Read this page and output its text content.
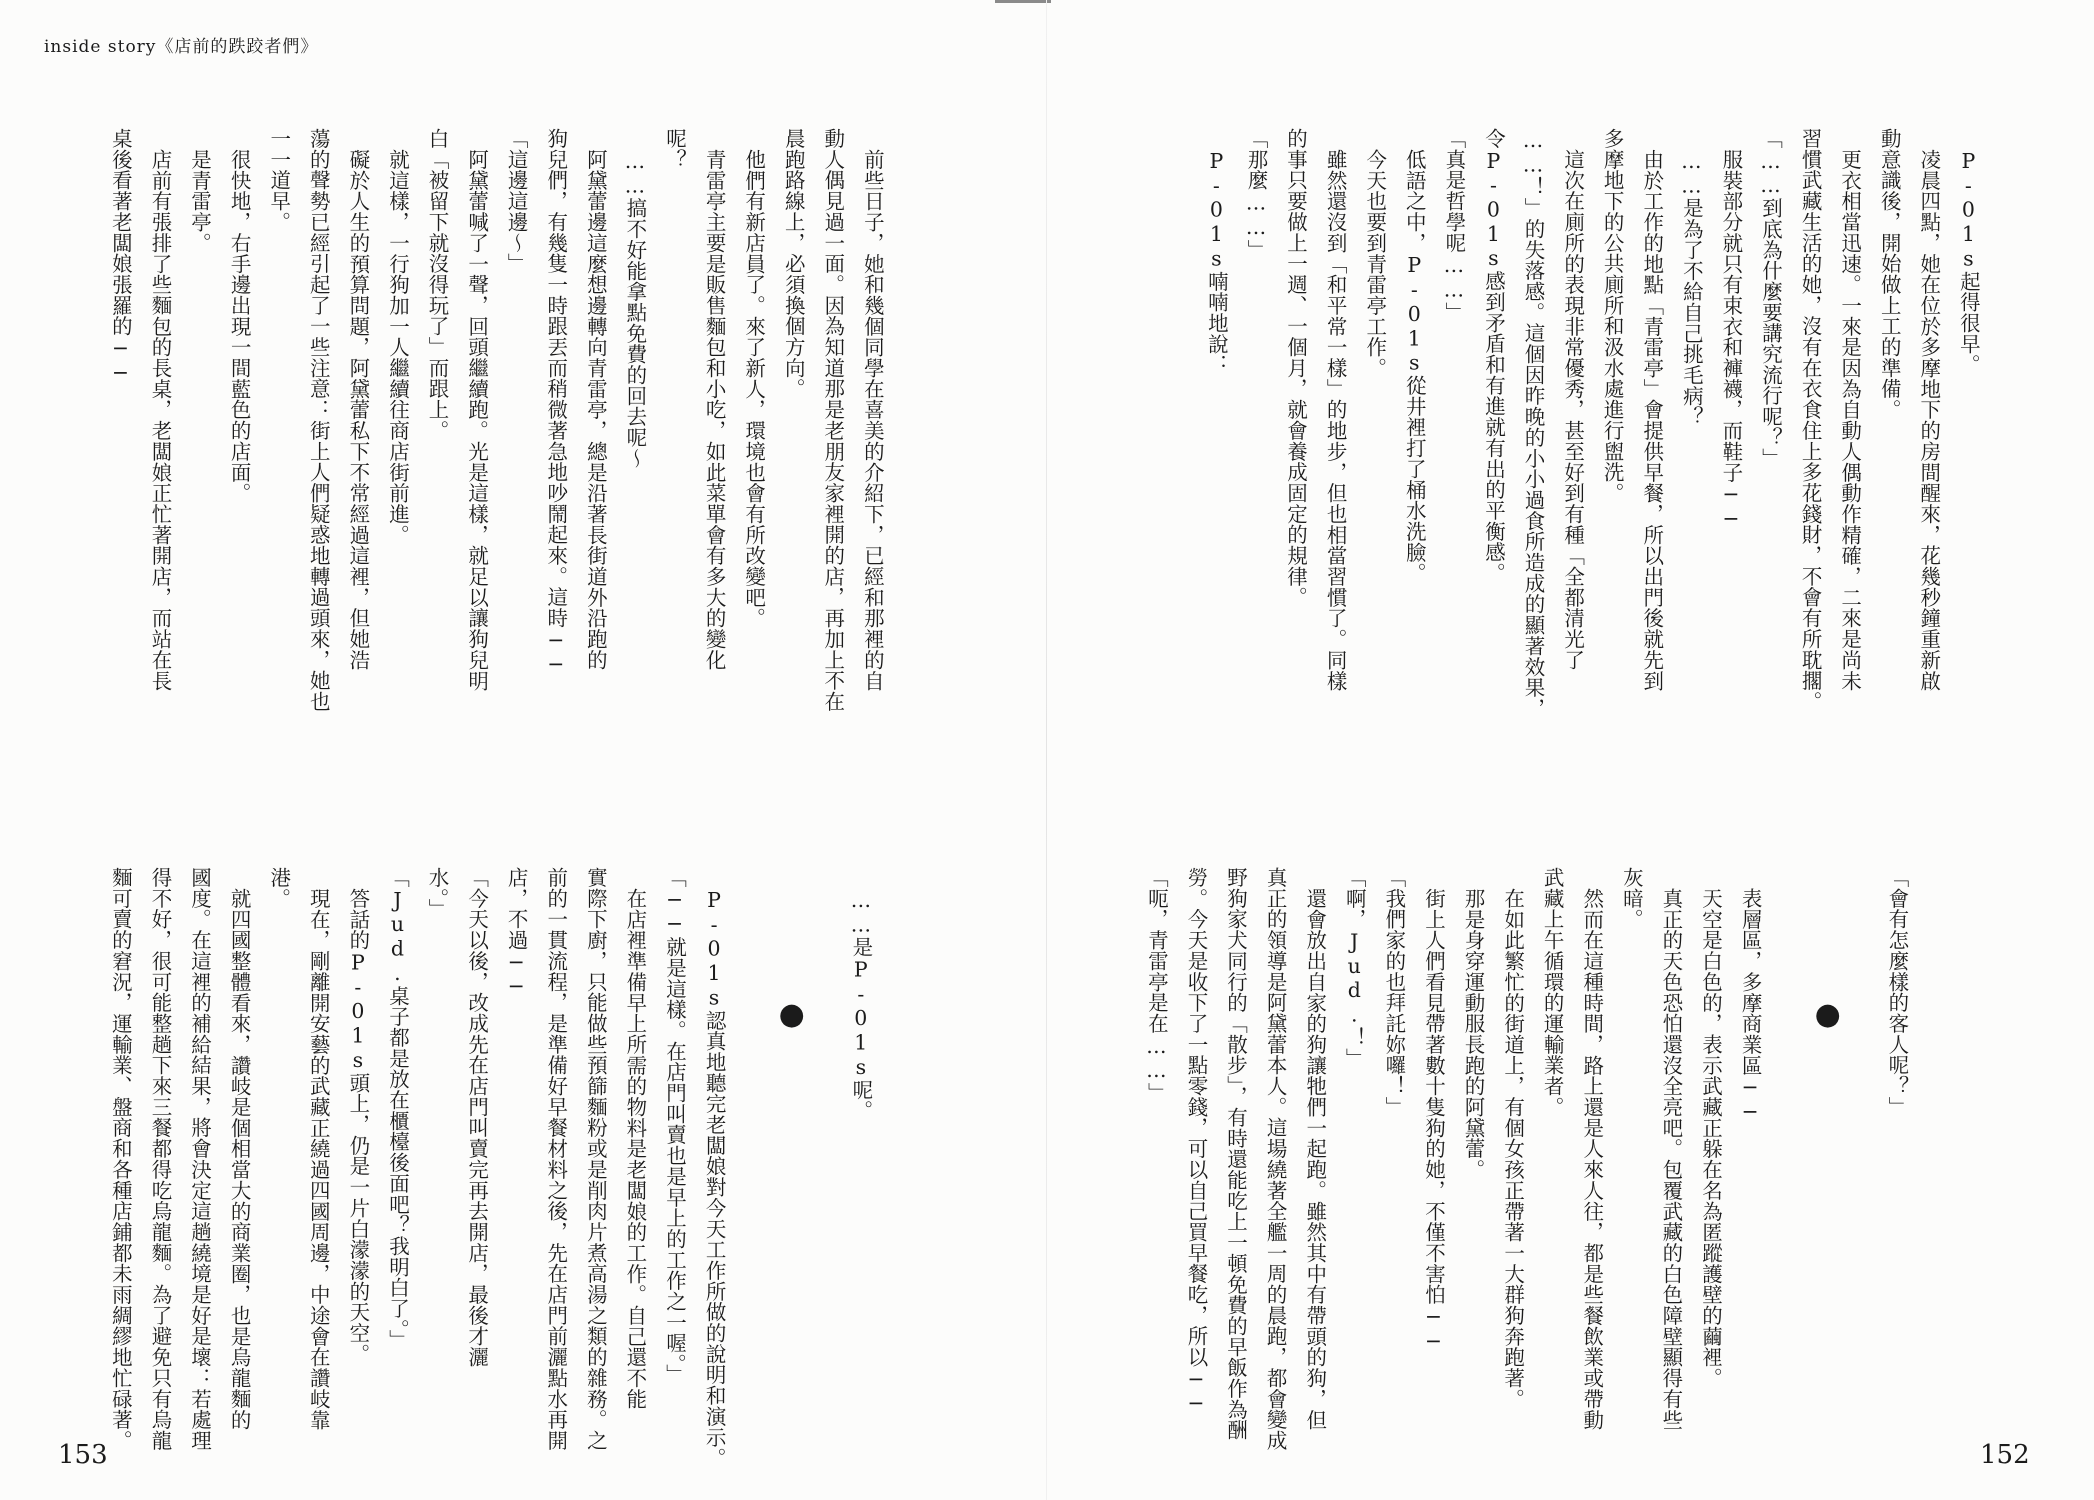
inside story《店前的跌跤者們》
P-01s起得很早。
凌晨四點，她在位於多摩地下的房間醒來，花幾秒鐘重新啟
動意識後，開始做上工的準備。
更衣相當迅速。一來是因為自動人偶動作精確，二來是尚未
習慣武藏生活的她，沒有在衣食住上多花錢財，不會有所耽擱。
「……到底為什麼要講究流行呢？」
服裝部分就只有束衣和褲襪，而鞋子──
……是為了不給自己挑毛病？
由於工作的地點「青雷亭」會提供早餐，所以出門後就先到
多摩地下的公共廁所和汲水處進行盥洗。
這次在廁所的表現非常優秀，甚至好到有種「全都清光了
……！」的失落感。這個因昨晚的小小過食所造成的顯著效果，
令P-01s感到矛盾和有進就有出的平衡感。
「真是哲學呢……」
低語之中，P-01s從井裡打了桶水洗臉。
今天也要到青雷亭工作。
雖然還沒到「和平常一樣」的地步，但也相當習慣了。同樣
的事只要做上一週、一個月，就會養成固定的規律。
「那麼……」
P-01s喃喃地說：
「會有怎麼樣的客人呢？」
●
表層區，多摩商業區──
天空是白色的，表示武藏正躲在名為匿蹤護壁的繭裡。
真正的天色恐怕還沒全亮吧。包覆武藏的白色障壁顯得有些
灰暗。
然而在這種時間，路上還是人來人往，都是些餐飲業或帶動
武藏上午循環的運輸業者。
在如此繁忙的街道上，有個女孩正帶著一大群狗奔跑著。
那是身穿運動服長跑的阿黛蕾。
街上人們看見帶著數十隻狗的她，不僅不害怕──
「我們家的也拜託妳囉！」
「啊，Jud.！」
還會放出自家的狗讓牠們一起跑。雖然其中有帶頭的狗，但
真正的領導是阿黛蕾本人。這場繞著全艦一周的晨跑，都會變成
野狗家犬同行的「散步」，有時還能吃上一頓免費的早飯作為酬
勞。今天是收下了一點零錢，可以自己買早餐吃，所以──
「呃，青雷亭是在……」
前些日子，她和幾個同學在喜美的介紹下，已經和那裡的自
動人偶見過一面。因為知道那是老朋友家裡開的店，再加上不在
晨跑路線上，必須換個方向。
他們有新店員了。來了新人，環境也會有所改變吧。
青雷亭主要是販售麵包和小吃，如此菜單會有多大的變化
呢？
……搞不好能拿點免費的回去呢～
阿黛蕾邊這麼想邊轉向青雷亭，總是沿著長街道外沿跑的
狗兒們，有幾隻一時跟丟而稍微著急地吵鬧起來。這時──
「這邊這邊～」
阿黛蕾喊了一聲，回頭繼續跑。光是這樣，就足以讓狗兒明
白「被留下就沒得玩了」而跟上。
就這樣，一行狗加一人繼續往商店街前進。
礙於人生的預算問題，阿黛蕾私下不常經過這裡，但她浩
蕩的聲勢已經引起了一些注意：街上人們疑惑地轉過頭來，她也
一一道早。
很快地，右手邊出現一間藍色的店面。
是青雷亭。
店前有張排了些麵包的長桌，老闆娘正忙著開店，而站在長
桌後看著老闆娘張羅的──
……是P-01s呢。
●
P-01s認真地聽完老闆娘對今天工作所做的說明和演示。
「──就是這樣。在店門叫賣也是早上的工作之一喔。」
在店裡準備早上所需的物料是老闆娘的工作。自己還不能
實際下廚，只能做些預篩麵粉或是削肉片煮高湯之類的雜務。之
前的一貫流程，是準備好早餐材料之後，先在店門前灑點水再開
店，不過──
「今天以後，改成先在店門叫賣完再去開店，最後才灑
水。」
「Jud.桌子都是放在櫃檯後面吧？我明白了。」
答話的P-01s頭上，仍是一片白濛濛的天空。
現在，剛離開安藝的武藏正繞過四國周邊，中途會在讚岐靠
港。
就四國整體看來，讚岐是個相當大的商業圈，也是烏龍麵的
國度。在這裡的補給結果，將會決定這趟繞境是好是壞：若處理
得不好，很可能整趟下來三餐都得吃烏龍麵。為了避免只有烏龍
麵可賣的窘況，運輸業、盤商和各種店鋪都未雨綢繆地忙碌著。
153	152
